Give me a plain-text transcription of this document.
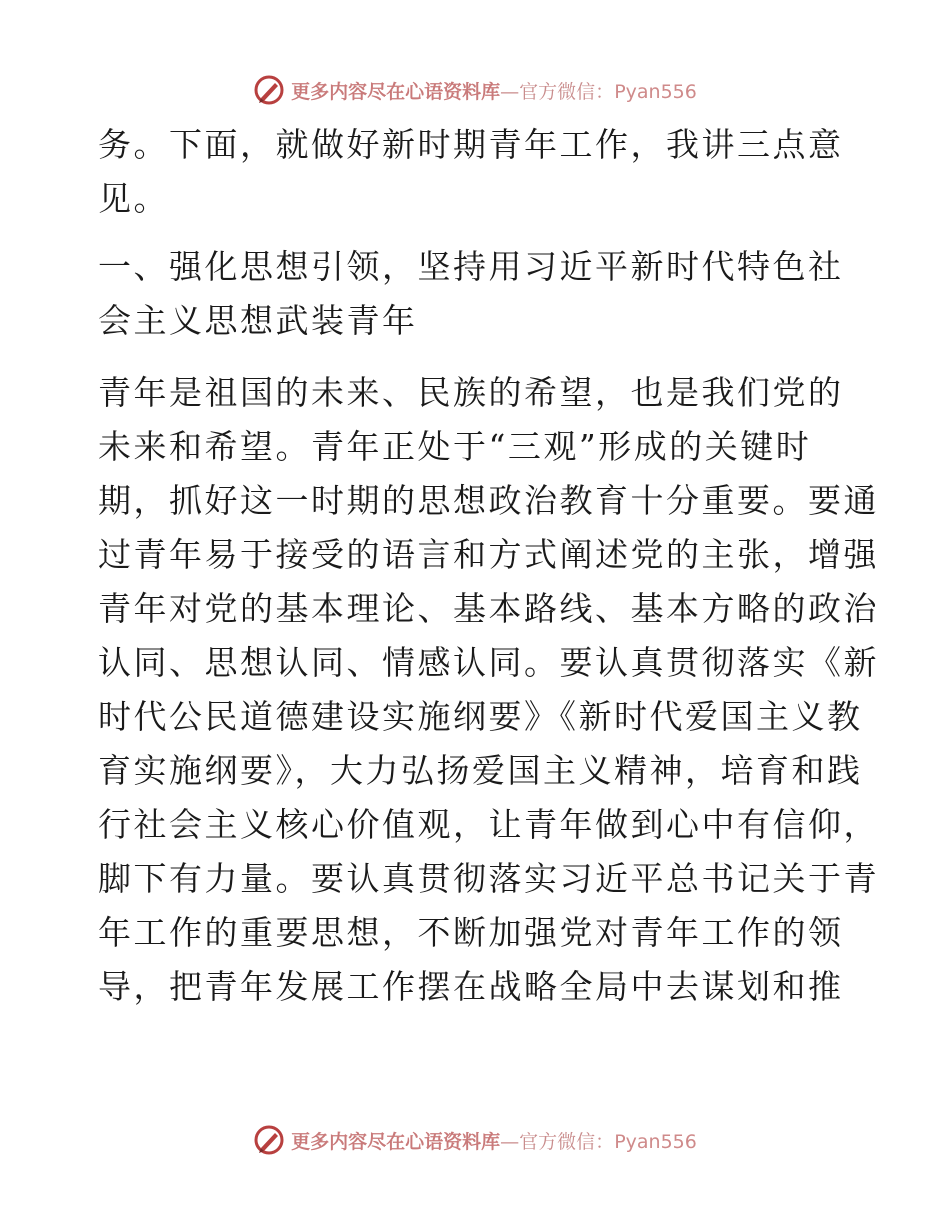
更多内容尽在心语资料库—官方微信：Pyan556
务。下面，就做好新时期青年工作，我讲三点意
见。
一、强化思想引领，坚持用习近平新时代特色社
会主义思想武装青年
青年是祖国的未来、民族的希望，也是我们党的
未来和希望。青年正处于“三观”形成的关键时
期，抓好这一时期的思想政治教育十分重要。要通
过青年易于接受的语言和方式阐述党的主张，增强
青年对党的基本理论、基本路线、基本方略的政治
认同、思想认同、情感认同。要认真贯彻落实《新
时代公民道德建设实施纲要》《新时代爱国主义教
育实施纲要》，大力弘扬爱国主义精神，培育和践
行社会主义核心价值观，让青年做到心中有信仰，
脚下有力量。要认真贯彻落实习近平总书记关于青
年工作的重要思想，不断加强党对青年工作的领
导，把青年发展工作摆在战略全局中去谋划和推
更多内容尽在心语资料库—官方微信：Pyan556
